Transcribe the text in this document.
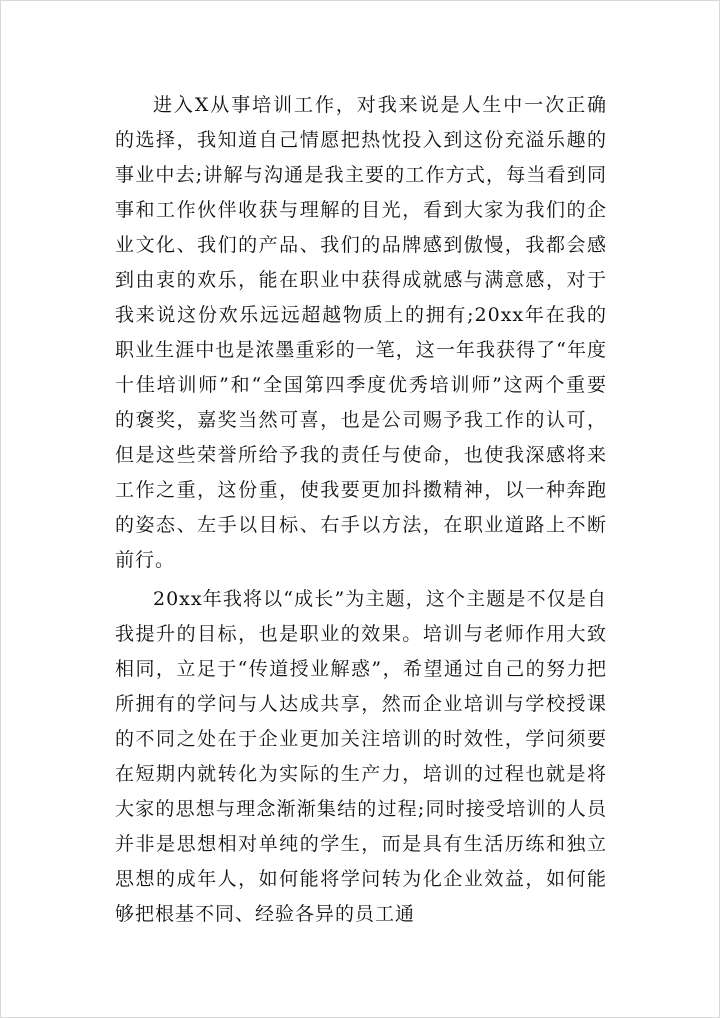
进入X从事培训工作，对我来说是人生中一次正确的选择，我知道自己情愿把热忱投入到这份充溢乐趣的事业中去;讲解与沟通是我主要的工作方式，每当看到同事和工作伙伴收获与理解的目光，看到大家为我们的企业文化、我们的产品、我们的品牌感到傲慢，我都会感到由衷的欢乐，能在职业中获得成就感与满意感，对于我来说这份欢乐远远超越物质上的拥有;20xx年在我的职业生涯中也是浓墨重彩的一笔，这一年我获得了“年度十佳培训师”和“全国第四季度优秀培训师”这两个重要的褒奖，嘉奖当然可喜，也是公司赐予我工作的认可，但是这些荣誉所给予我的责任与使命，也使我深感将来工作之重，这份重，使我要更加抖擞精神，以一种奔跑的姿态、左手以目标、右手以方法，在职业道路上不断前行。

20xx年我将以“成长”为主题，这个主题是不仅是自我提升的目标，也是职业的效果。培训与老师作用大致相同，立足于“传道授业解惑”，希望通过自己的努力把所拥有的学问与人达成共享，然而企业培训与学校授课的不同之处在于企业更加关注培训的时效性，学问须要在短期内就转化为实际的生产力，培训的过程也就是将大家的思想与理念渐渐集结的过程;同时接受培训的人员并非是思想相对单纯的学生，而是具有生活历练和独立思想的成年人，如何能将学问转为化企业效益，如何能够把根基不同、经验各异的员工通
